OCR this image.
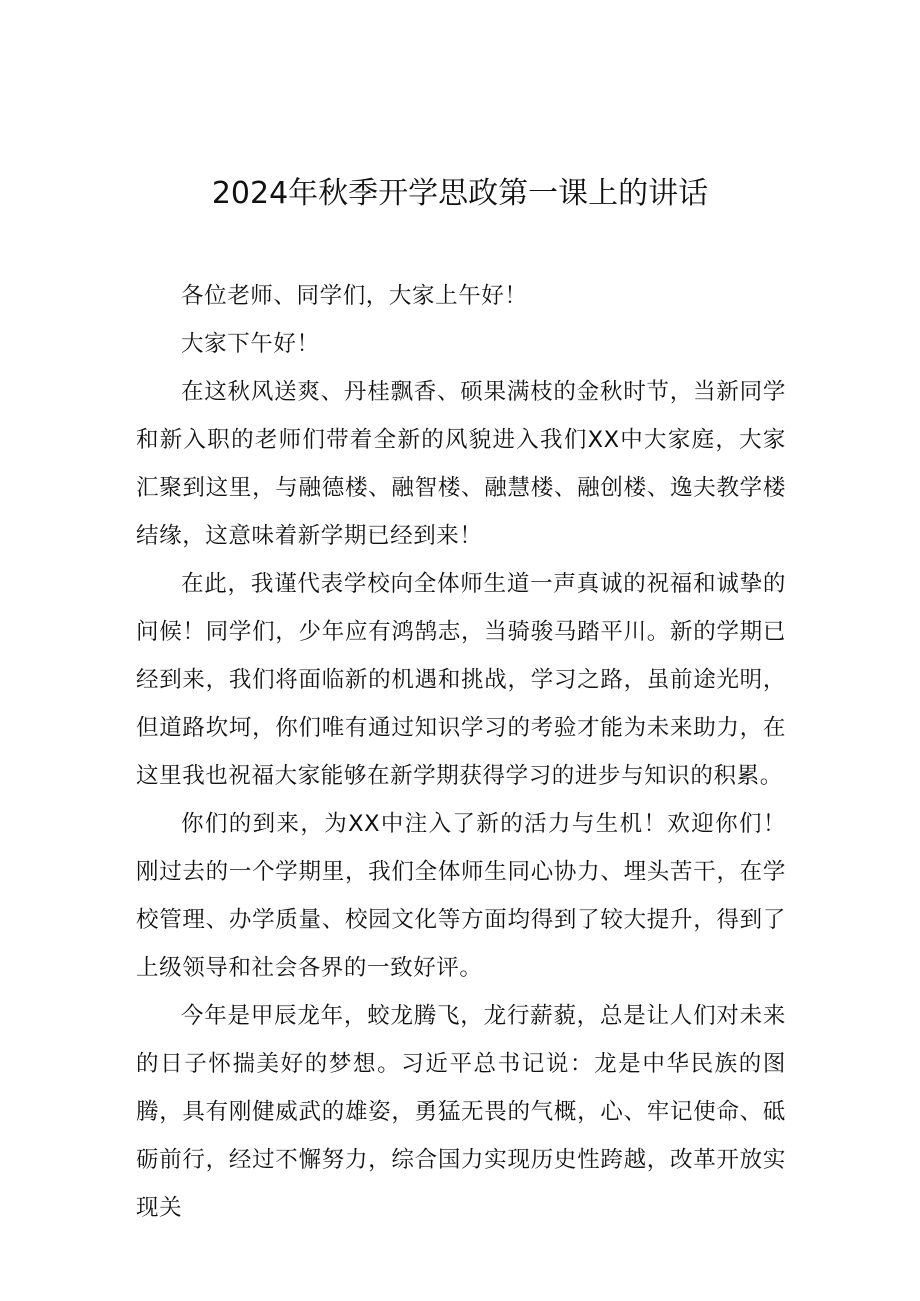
2024年秋季开学思政第一课上的讲话

各位老师、同学们，大家上午好！

大家下午好！

在这秋风送爽、丹桂飘香、硕果满枝的金秋时节，当新同学和新入职的老师们带着全新的风貌进入我们XX中大家庭，大家汇聚到这里，与融德楼、融智楼、融慧楼、融创楼、逸夫教学楼结缘，这意味着新学期已经到来！

在此，我谨代表学校向全体师生道一声真诚的祝福和诚挚的问候！同学们，少年应有鸿鹄志，当骑骏马踏平川。新的学期已经到来，我们将面临新的机遇和挑战，学习之路，虽前途光明，但道路坎坷，你们唯有通过知识学习的考验才能为未来助力，在这里我也祝福大家能够在新学期获得学习的进步与知识的积累。

你们的到来，为XX中注入了新的活力与生机！欢迎你们！刚过去的一个学期里，我们全体师生同心协力、埋头苦干，在学校管理、办学质量、校园文化等方面均得到了较大提升，得到了上级领导和社会各界的一致好评。

今年是甲辰龙年，蛟龙腾飞，龙行薪藐，总是让人们对未来的日子怀揣美好的梦想。习近平总书记说：龙是中华民族的图腾，具有刚健威武的雄姿，勇猛无畏的气概，心、牢记使命、砥砺前行，经过不懈努力，综合国力实现历史性跨越，改革开放实现关
